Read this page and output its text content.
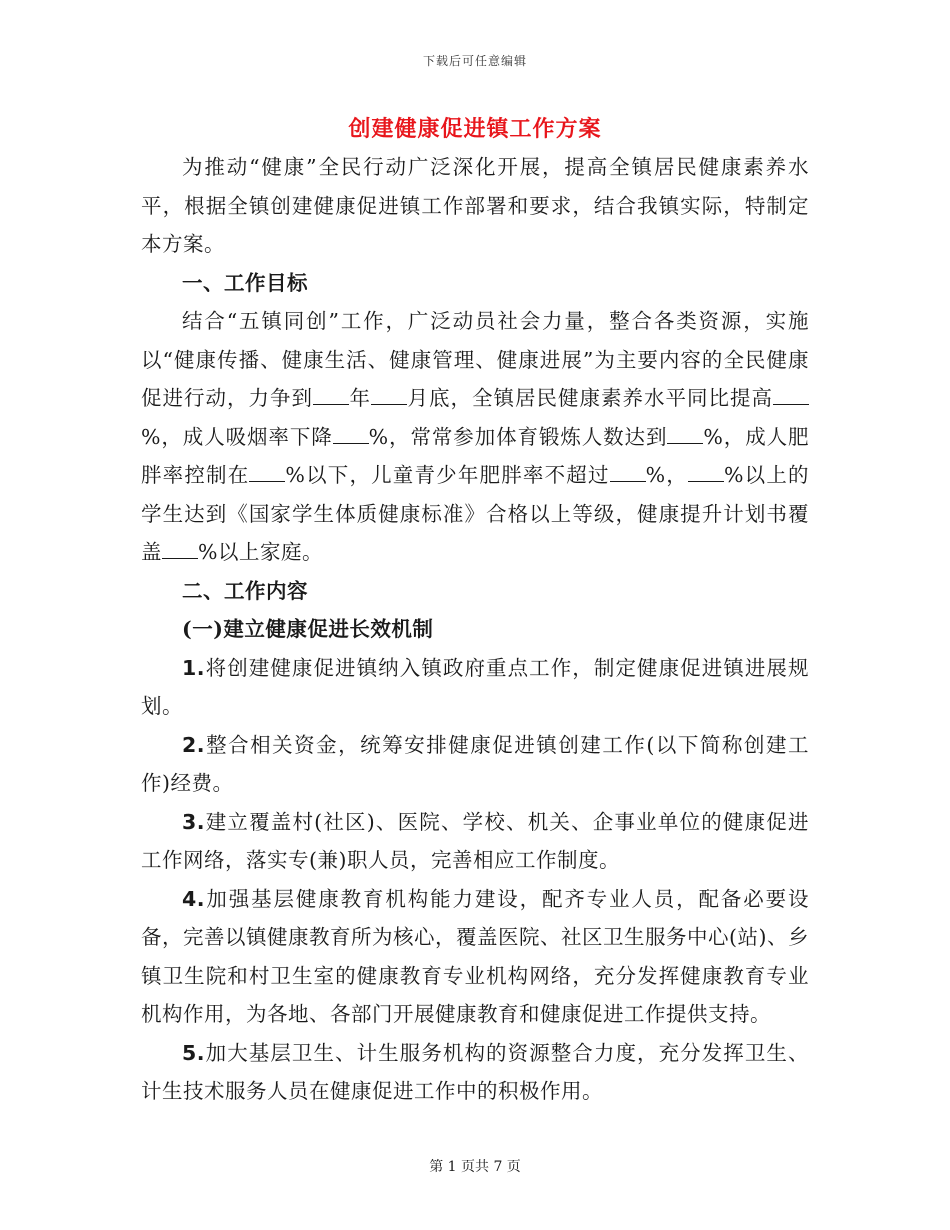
下载后可任意编辑
创建健康促进镇工作方案

为推动“健康”全民行动广泛深化开展，提高全镇居民健康素养水平，根据全镇创建健康促进镇工作部署和要求，结合我镇实际，特制定本方案。

一、工作目标

结合“五镇同创”工作，广泛动员社会力量，整合各类资源，实施以“健康传播、健康生活、健康管理、健康进展”为主要内容的全民健康促进行动，力争到 年 月底，全镇居民健康素养水平同比提高%，成人吸烟率下降 %，常常参加体育锻炼人数达到 %，成人肥胖率控制在 %以下，儿童青少年肥胖率不超过 %， %以上的学生达到《国家学生体质健康标准》合格以上等级，健康提升计划书覆盖 %以上家庭。

二、工作内容

(一)建立健康促进长效机制

1.将创建健康促进镇纳入镇政府重点工作，制定健康促进镇进展规划。

2.整合相关资金，统筹安排健康促进镇创建工作(以下简称创建工作)经费。

3.建立覆盖村(社区)、医院、学校、机关、企事业单位的健康促进工作网络，落实专(兼)职人员，完善相应工作制度。

4.加强基层健康教育机构能力建设，配齐专业人员，配备必要设备，完善以镇健康教育所为核心，覆盖医院、社区卫生服务中心(站)、乡镇卫生院和村卫生室的健康教育专业机构网络，充分发挥健康教育专业机构作用，为各地、各部门开展健康教育和健康促进工作提供支持。

5.加大基层卫生、计生服务机构的资源整合力度，充分发挥卫生、计生技术服务人员在健康促进工作中的积极作用。

第 1 页共 7 页
